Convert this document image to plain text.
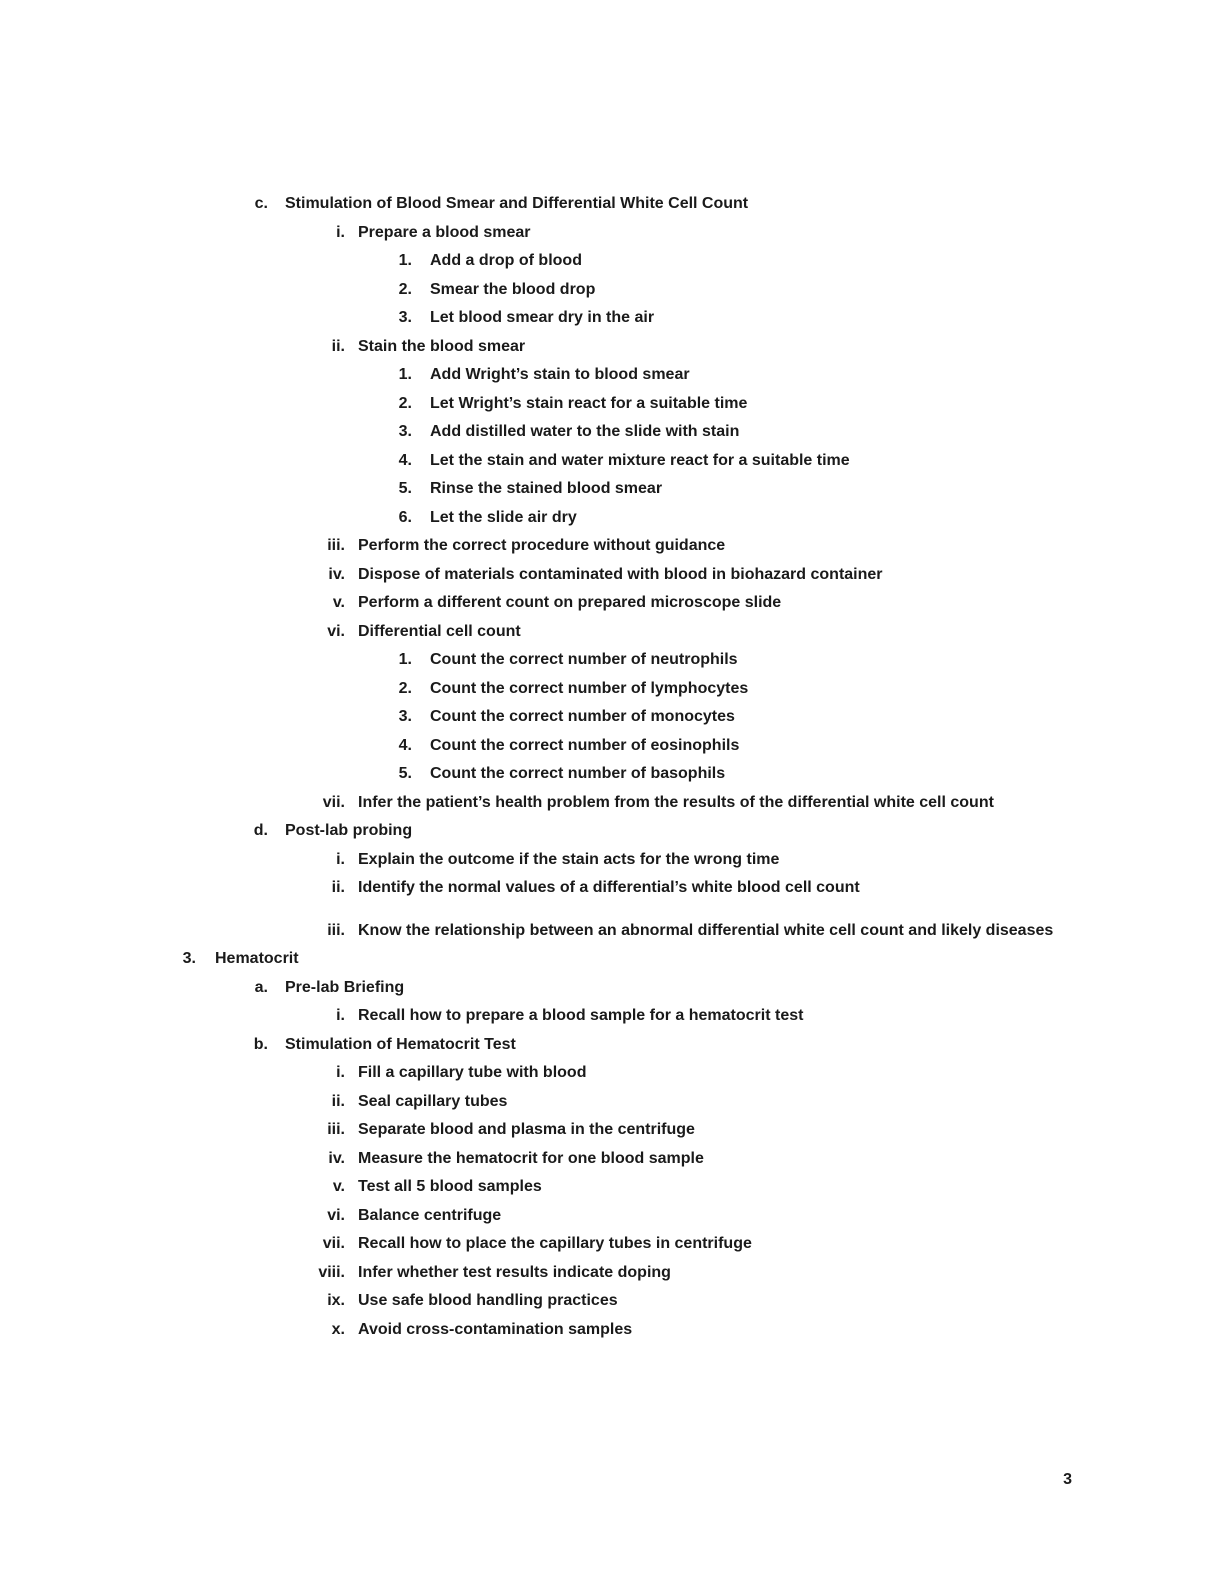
c. Stimulation of Blood Smear and Differential White Cell Count
i. Prepare a blood smear
1. Add a drop of blood
2. Smear the blood drop
3. Let blood smear dry in the air
ii. Stain the blood smear
1. Add Wright’s stain to blood smear
2. Let Wright’s stain react for a suitable time
3. Add distilled water to the slide with stain
4. Let the stain and water mixture react for a suitable time
5. Rinse the stained blood smear
6. Let the slide air dry
iii. Perform the correct procedure without guidance
iv. Dispose of materials contaminated with blood in biohazard container
v. Perform a different count on prepared microscope slide
vi. Differential cell count
1. Count the correct number of neutrophils
2. Count the correct number of lymphocytes
3. Count the correct number of monocytes
4. Count the correct number of eosinophils
5. Count the correct number of basophils
vii. Infer the patient’s health problem from the results of the differential white cell count
d. Post-lab probing
i. Explain the outcome if the stain acts for the wrong time
ii. Identify the normal values of a differential’s white blood cell count
iii. Know the relationship between an abnormal differential white cell count and likely diseases
3. Hematocrit
a. Pre-lab Briefing
i. Recall how to prepare a blood sample for a hematocrit test
b. Stimulation of Hematocrit Test
i. Fill a capillary tube with blood
ii. Seal capillary tubes
iii. Separate blood and plasma in the centrifuge
iv. Measure the hematocrit for one blood sample
v. Test all 5 blood samples
vi. Balance centrifuge
vii. Recall how to place the capillary tubes in centrifuge
viii. Infer whether test results indicate doping
ix. Use safe blood handling practices
x. Avoid cross-contamination samples
3
